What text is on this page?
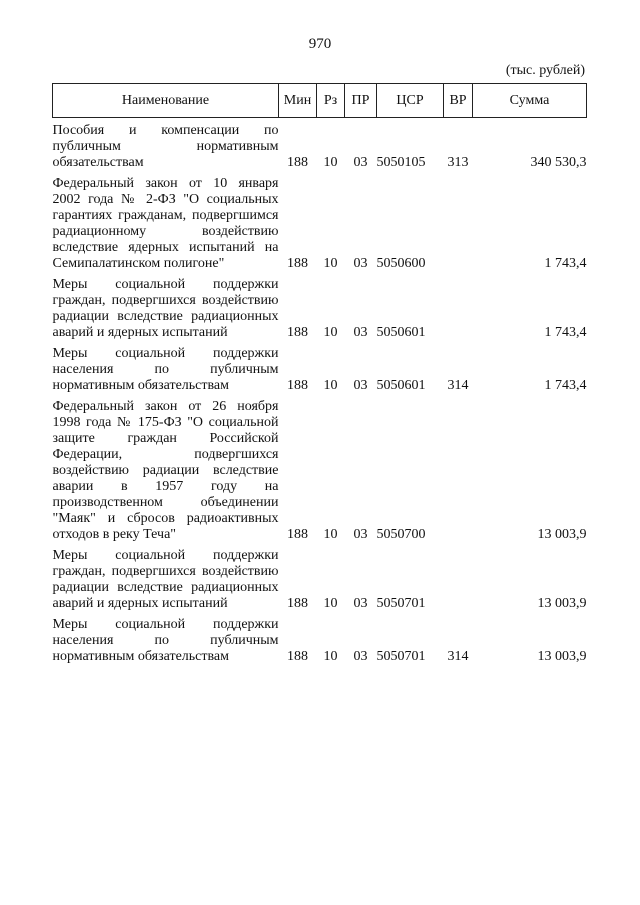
970
(тыс. рублей)
Наименование	Мин	Рз	ПР	ЦСР	ВР	Сумма
Пособия и компенсации по публичным нормативным обязательствам	188	10	03	5050105	313	340 530,3
Федеральный закон от 10 января 2002 года № 2-ФЗ "О социальных гарантиях гражданам, подвергшимся радиационному воздействию вследствие ядерных испытаний на Семипалатинском полигоне"	188	10	03	5050600		1 743,4
Меры социальной поддержки граждан, подвергшихся воздействию радиации вследствие радиационных аварий и ядерных испытаний	188	10	03	5050601		1 743,4
Меры социальной поддержки населения по публичным нормативным обязательствам	188	10	03	5050601	314	1 743,4
Федеральный закон от 26 ноября 1998 года № 175-ФЗ "О социальной защите граждан Российской Федерации, подвергшихся воздействию радиации вследствие аварии в 1957 году на производственном объединении "Маяк" и сбросов радиоактивных отходов в реку Теча"	188	10	03	5050700		13 003,9
Меры социальной поддержки граждан, подвергшихся воздействию радиации вследствие радиационных аварий и ядерных испытаний	188	10	03	5050701		13 003,9
Меры социальной поддержки населения по публичным нормативным обязательствам	188	10	03	5050701	314	13 003,9
